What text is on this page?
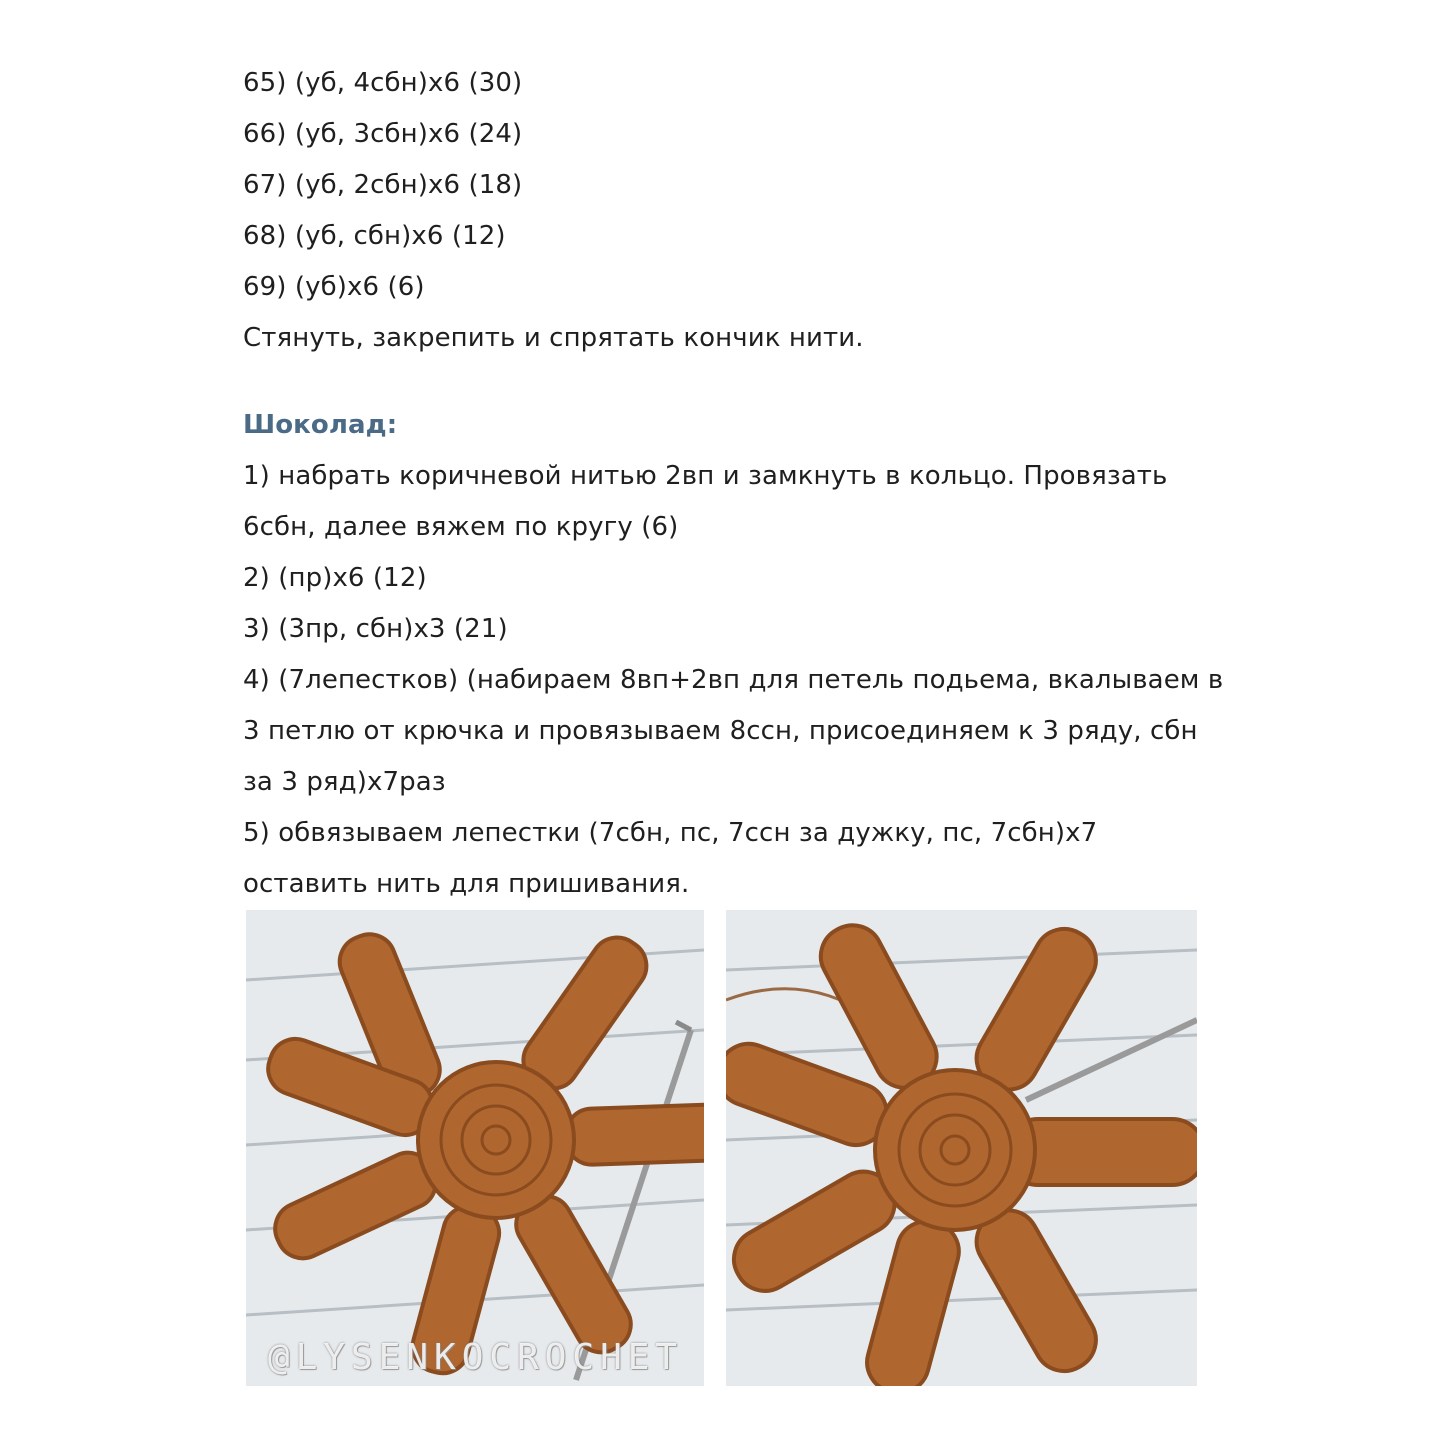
65) (уб, 4сбн)х6 (30)
66) (уб, 3сбн)х6 (24)
67) (уб, 2сбн)х6 (18)
68) (уб, сбн)х6 (12)
69) (уб)х6 (6)
Стянуть, закрепить и спрятать кончик нити.
Шоколад:
1) набрать коричневой нитью 2вп и замкнуть в кольцо. Провязать
6сбн, далее вяжем по кругу (6)
2) (пр)х6 (12)
3) (3пр, сбн)х3 (21)
4) (7лепестков) (набираем 8вп+2вп для петель подьема, вкалываем в
3 петлю от крючка и провязываем 8ссн, присоединяем к 3 ряду, сбн
за 3 ряд)х7раз
5) обвязываем лепестки (7сбн, пс, 7ссн за дужку, пс, 7сбн)х7
оставить нить для пришивания.
@LYSENKOCROCHET
